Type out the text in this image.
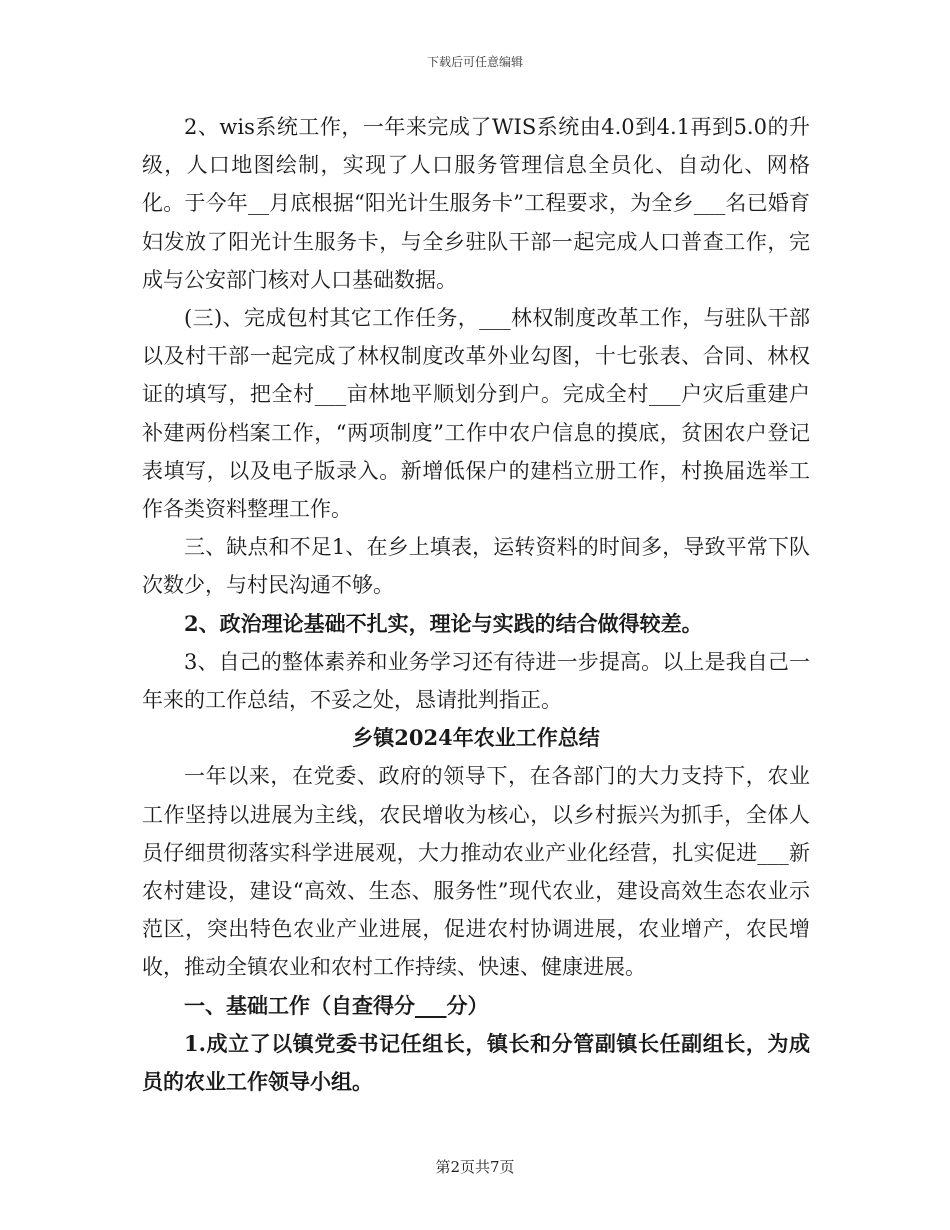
下载后可任意编辑

2、wis系统工作，一年来完成了WIS系统由4.0到4.1再到5.0的升级，人口地图绘制，实现了人口服务管理信息全员化、自动化、网格化。于今年__月底根据“阳光计生服务卡”工程要求，为全乡___名已婚育妇发放了阳光计生服务卡，与全乡驻队干部一起完成人口普查工作，完成与公安部门核对人口基础数据。

(三)、完成包村其它工作任务，___林权制度改革工作，与驻队干部以及村干部一起完成了林权制度改革外业勾图，十七张表、合同、林权证的填写，把全村___亩林地平顺划分到户。完成全村___户灾后重建户补建两份档案工作，“两项制度”工作中农户信息的摸底，贫困农户登记表填写，以及电子版录入。新增低保户的建档立册工作，村换届选举工作各类资料整理工作。

三、缺点和不足1、在乡上填表，运转资料的时间多，导致平常下队次数少，与村民沟通不够。

2、政治理论基础不扎实，理论与实践的结合做得较差。

3、自己的整体素养和业务学习还有待进一步提高。以上是我自己一年来的工作总结，不妥之处，恳请批判指正。

乡镇2024年农业工作总结

一年以来，在党委、政府的领导下，在各部门的大力支持下，农业工作坚持以进展为主线，农民增收为核心，以乡村振兴为抓手，全体人员仔细贯彻落实科学进展观，大力推动农业产业化经营，扎实促进___新农村建设，建设“高效、生态、服务性”现代农业，建设高效生态农业示范区，突出特色农业产业进展，促进农村协调进展，农业增产，农民增收，推动全镇农业和农村工作持续、快速、健康进展。

一、基础工作（自查得分___分）

1.成立了以镇党委书记任组长，镇长和分管副镇长任副组长，为成员的农业工作领导小组。

第2页共7页
